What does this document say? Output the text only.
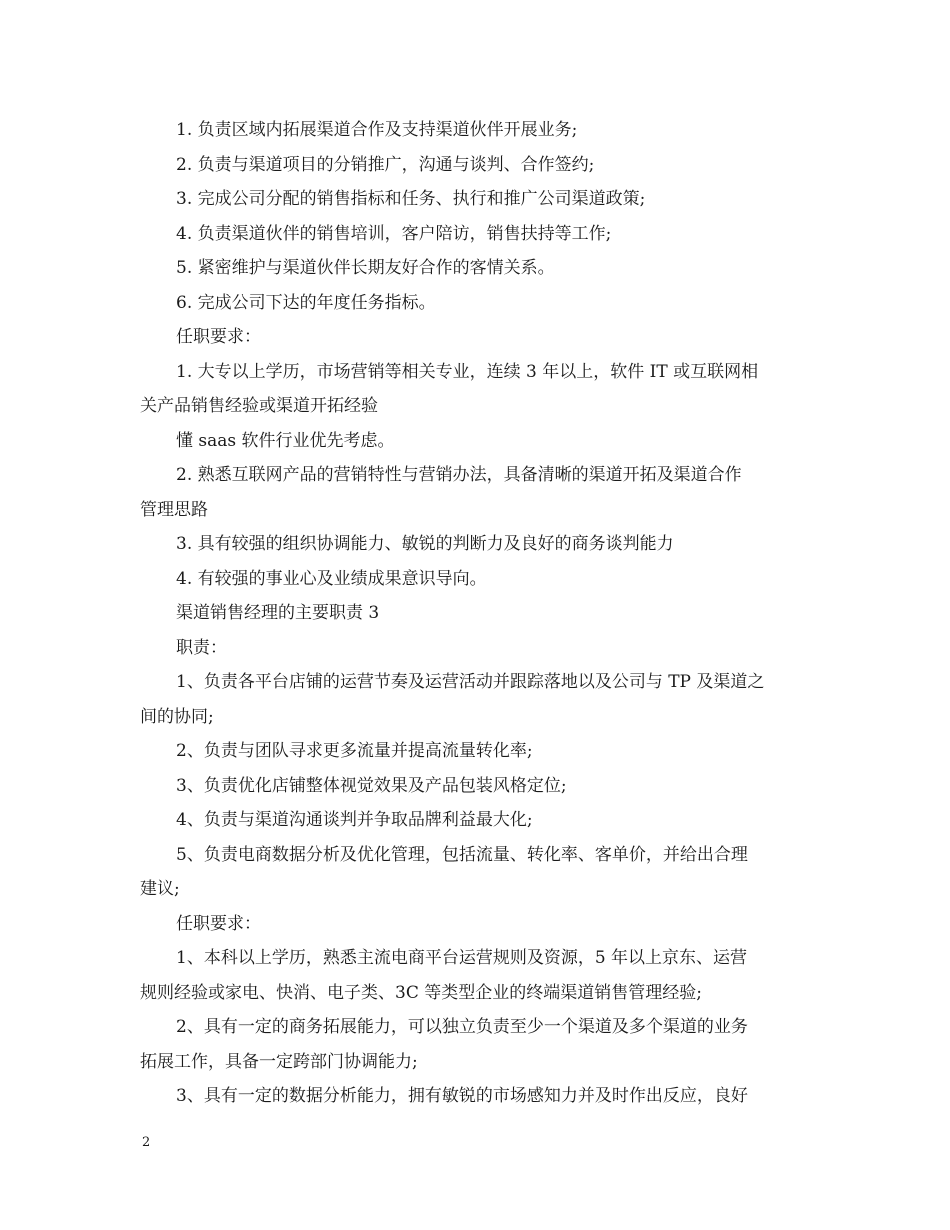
1. 负责区域内拓展渠道合作及支持渠道伙伴开展业务;
2. 负责与渠道项目的分销推广，沟通与谈判、合作签约;
3. 完成公司分配的销售指标和任务、执行和推广公司渠道政策;
4. 负责渠道伙伴的销售培训，客户陪访，销售扶持等工作;
5. 紧密维护与渠道伙伴长期友好合作的客情关系。
6. 完成公司下达的年度任务指标。
任职要求：
1. 大专以上学历，市场营销等相关专业，连续 3 年以上，软件 IT 或互联网相
关产品销售经验或渠道开拓经验
懂 saas 软件行业优先考虑。
2. 熟悉互联网产品的营销特性与营销办法，具备清晰的渠道开拓及渠道合作
管理思路
3. 具有较强的组织协调能力、敏锐的判断力及良好的商务谈判能力
4. 有较强的事业心及业绩成果意识导向。
渠道销售经理的主要职责 3
职责：
1、负责各平台店铺的运营节奏及运营活动并跟踪落地以及公司与 TP 及渠道之
间的协同;
2、负责与团队寻求更多流量并提高流量转化率;
3、负责优化店铺整体视觉效果及产品包装风格定位;
4、负责与渠道沟通谈判并争取品牌利益最大化;
5、负责电商数据分析及优化管理，包括流量、转化率、客单价，并给出合理
建议;
任职要求：
1、本科以上学历，熟悉主流电商平台运营规则及资源，5 年以上京东、运营
规则经验或家电、快消、电子类、3C 等类型企业的终端渠道销售管理经验;
2、具有一定的商务拓展能力，可以独立负责至少一个渠道及多个渠道的业务
拓展工作，具备一定跨部门协调能力;
3、具有一定的数据分析能力，拥有敏锐的市场感知力并及时作出反应，良好
2
